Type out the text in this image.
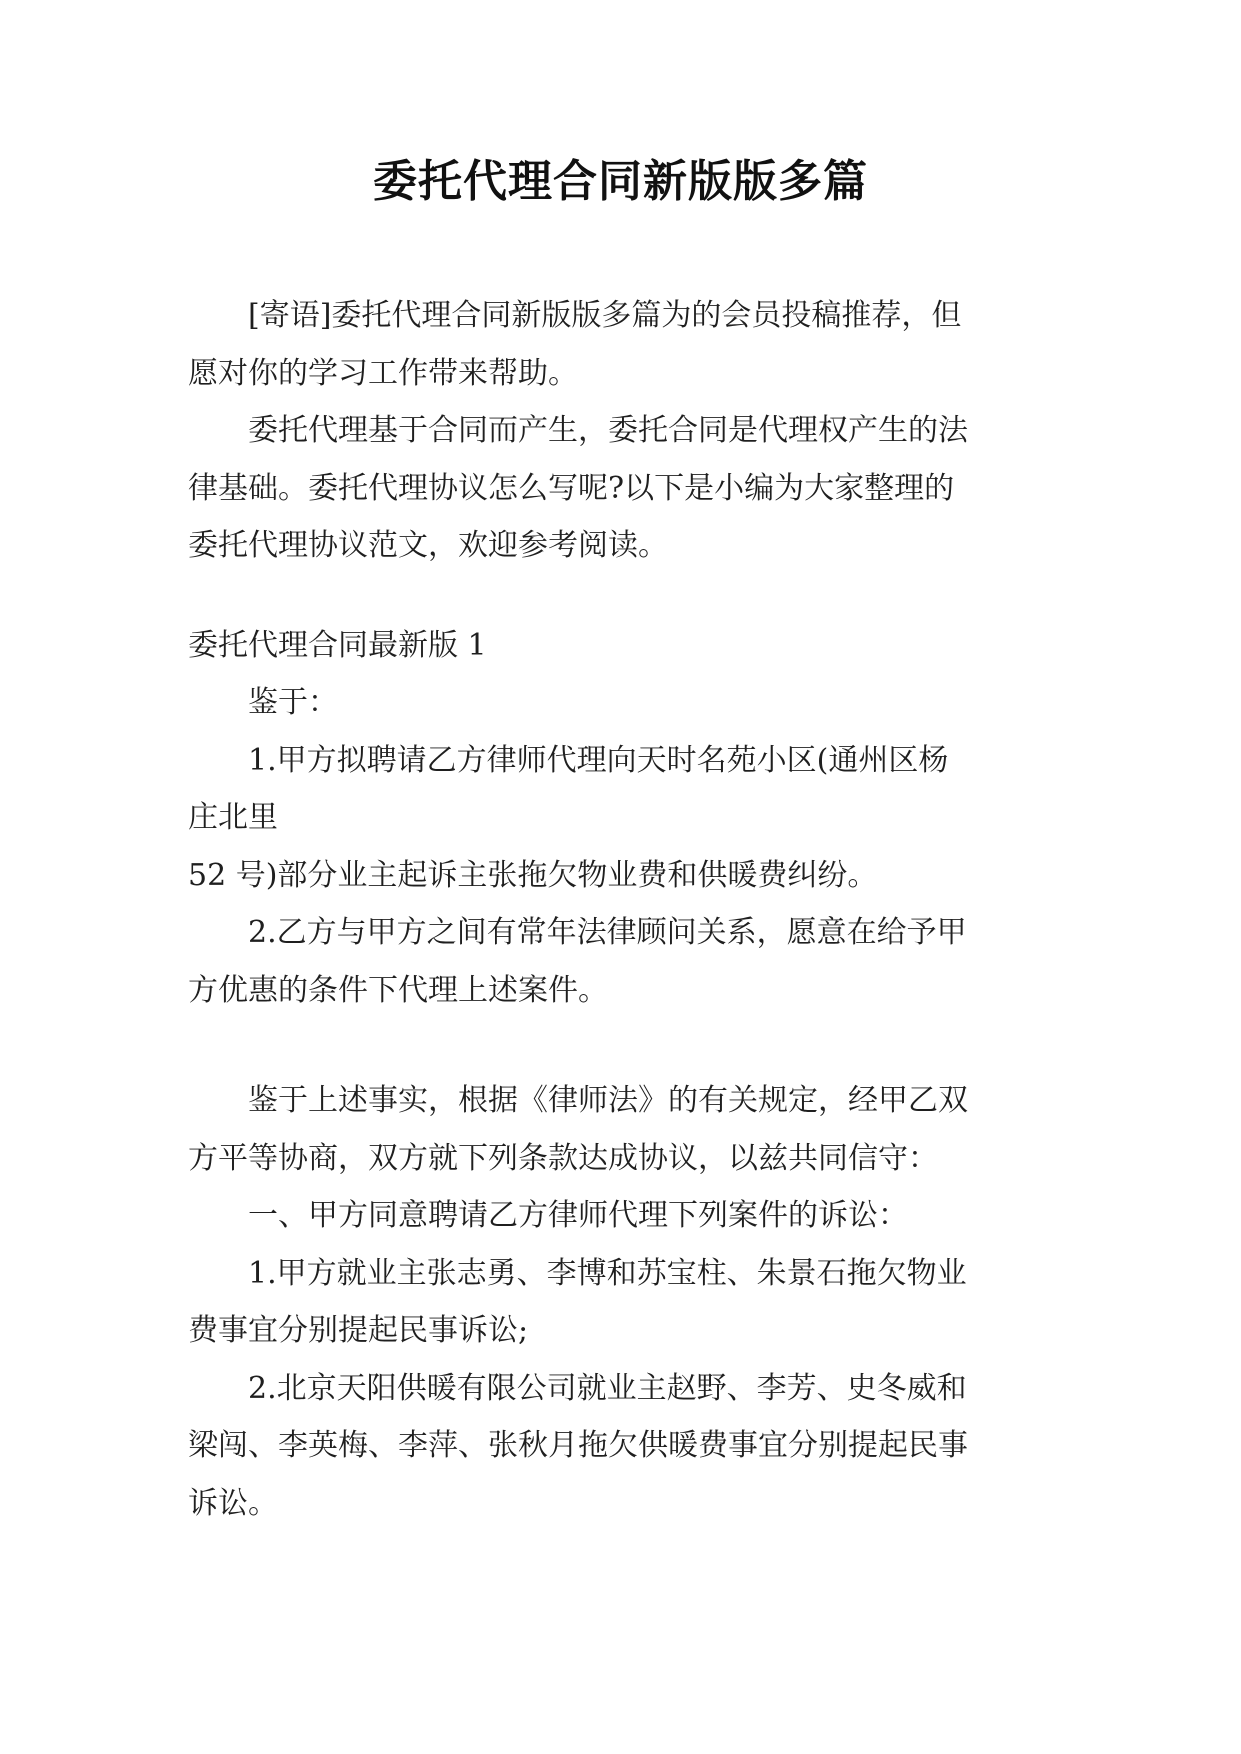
委托代理合同新版版多篇

[寄语]委托代理合同新版版多篇为的会员投稿推荐，但
愿对你的学习工作带来帮助。

委托代理基于合同而产生，委托合同是代理权产生的法
律基础。委托代理协议怎么写呢?以下是小编为大家整理的
委托代理协议范文，欢迎参考阅读。

委托代理合同最新版 1

鉴于：

1.甲方拟聘请乙方律师代理向天时名苑小区(通州区杨
庄北里
52 号)部分业主起诉主张拖欠物业费和供暖费纠纷。

2.乙方与甲方之间有常年法律顾问关系，愿意在给予甲
方优惠的条件下代理上述案件。

鉴于上述事实，根据《律师法》的有关规定，经甲乙双
方平等协商，双方就下列条款达成协议，以兹共同信守：

一、甲方同意聘请乙方律师代理下列案件的诉讼：

1.甲方就业主张志勇、李博和苏宝柱、朱景石拖欠物业
费事宜分别提起民事诉讼;

2.北京天阳供暖有限公司就业主赵野、李芳、史冬威和
梁闯、李英梅、李萍、张秋月拖欠供暖费事宜分别提起民事
诉讼。
